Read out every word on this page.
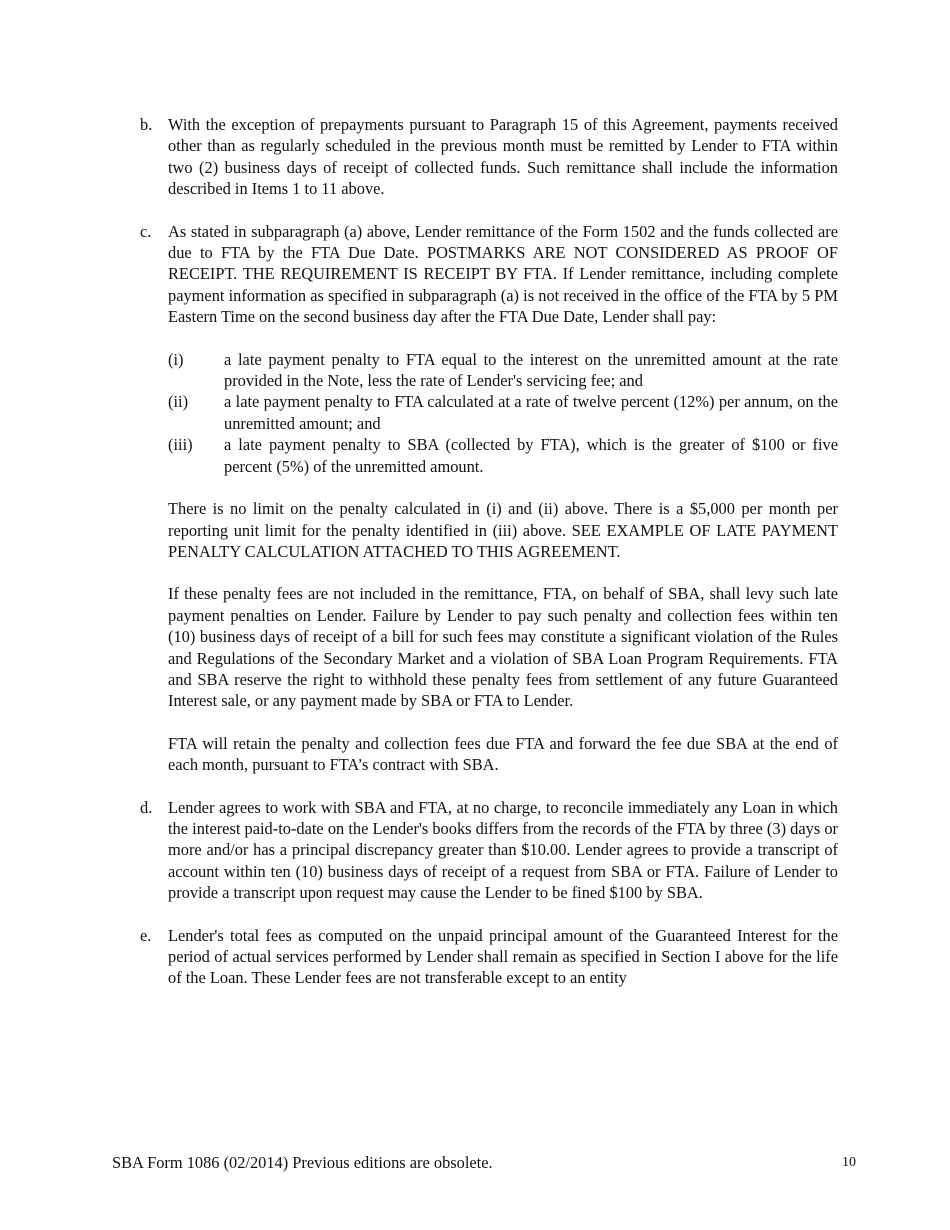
b. With the exception of prepayments pursuant to Paragraph 15 of this Agreement, payments received other than as regularly scheduled in the previous month must be remitted by Lender to FTA within two (2) business days of receipt of collected funds. Such remittance shall include the information described in Items 1 to 11 above.

c.	As stated in subparagraph (a) above, Lender remittance of the Form 1502 and the funds collected are due to FTA by the FTA Due Date. POSTMARKS ARE NOT CONSIDERED AS PROOF OF RECEIPT. THE REQUIREMENT IS RECEIPT BY FTA. If Lender remittance, including complete payment information as specified in subparagraph (a) is not received in the office of the FTA by 5 PM Eastern Time on the second business day after the FTA Due Date, Lender shall pay:

(i)	a late payment penalty to FTA equal to the interest on the unremitted amount at the rate provided in the Note, less the rate of Lender's servicing fee; and
(ii)	a late payment penalty to FTA calculated at a rate of twelve percent (12%) per annum, on the unremitted amount; and
(iii)	a late payment penalty to SBA (collected by FTA), which is the greater of $100 or five percent (5%) of the unremitted amount.

There is no limit on the penalty calculated in (i) and (ii) above. There is a $5,000 per month per reporting unit limit for the penalty identified in (iii) above. SEE EXAMPLE OF LATE PAYMENT PENALTY CALCULATION ATTACHED TO THIS AGREEMENT.

If these penalty fees are not included in the remittance, FTA, on behalf of SBA, shall levy such late payment penalties on Lender. Failure by Lender to pay such penalty and collection fees within ten (10) business days of receipt of a bill for such fees may constitute a significant violation of the Rules and Regulations of the Secondary Market and a violation of SBA Loan Program Requirements. FTA and SBA reserve the right to withhold these penalty fees from settlement of any future Guaranteed Interest sale, or any payment made by SBA or FTA to Lender.

FTA will retain the penalty and collection fees due FTA and forward the fee due SBA at the end of each month, pursuant to FTA’s contract with SBA.

d. Lender agrees to work with SBA and FTA, at no charge, to reconcile immediately any Loan in which the interest paid-to-date on the Lender's books differs from the records of the FTA by three (3) days or more and/or has a principal discrepancy greater than $10.00. Lender agrees to provide a transcript of account within ten (10) business days of receipt of a request from SBA or FTA. Failure of Lender to provide a transcript upon request may cause the Lender to be fined $100 by SBA.

e.	Lender's total fees as computed on the unpaid principal amount of the Guaranteed Interest for the period of actual services performed by Lender shall remain as specified in Section I above for the life of the Loan. These Lender fees are not transferable except to an entity

SBA Form 1086 (02/2014) Previous editions are obsolete.	10
